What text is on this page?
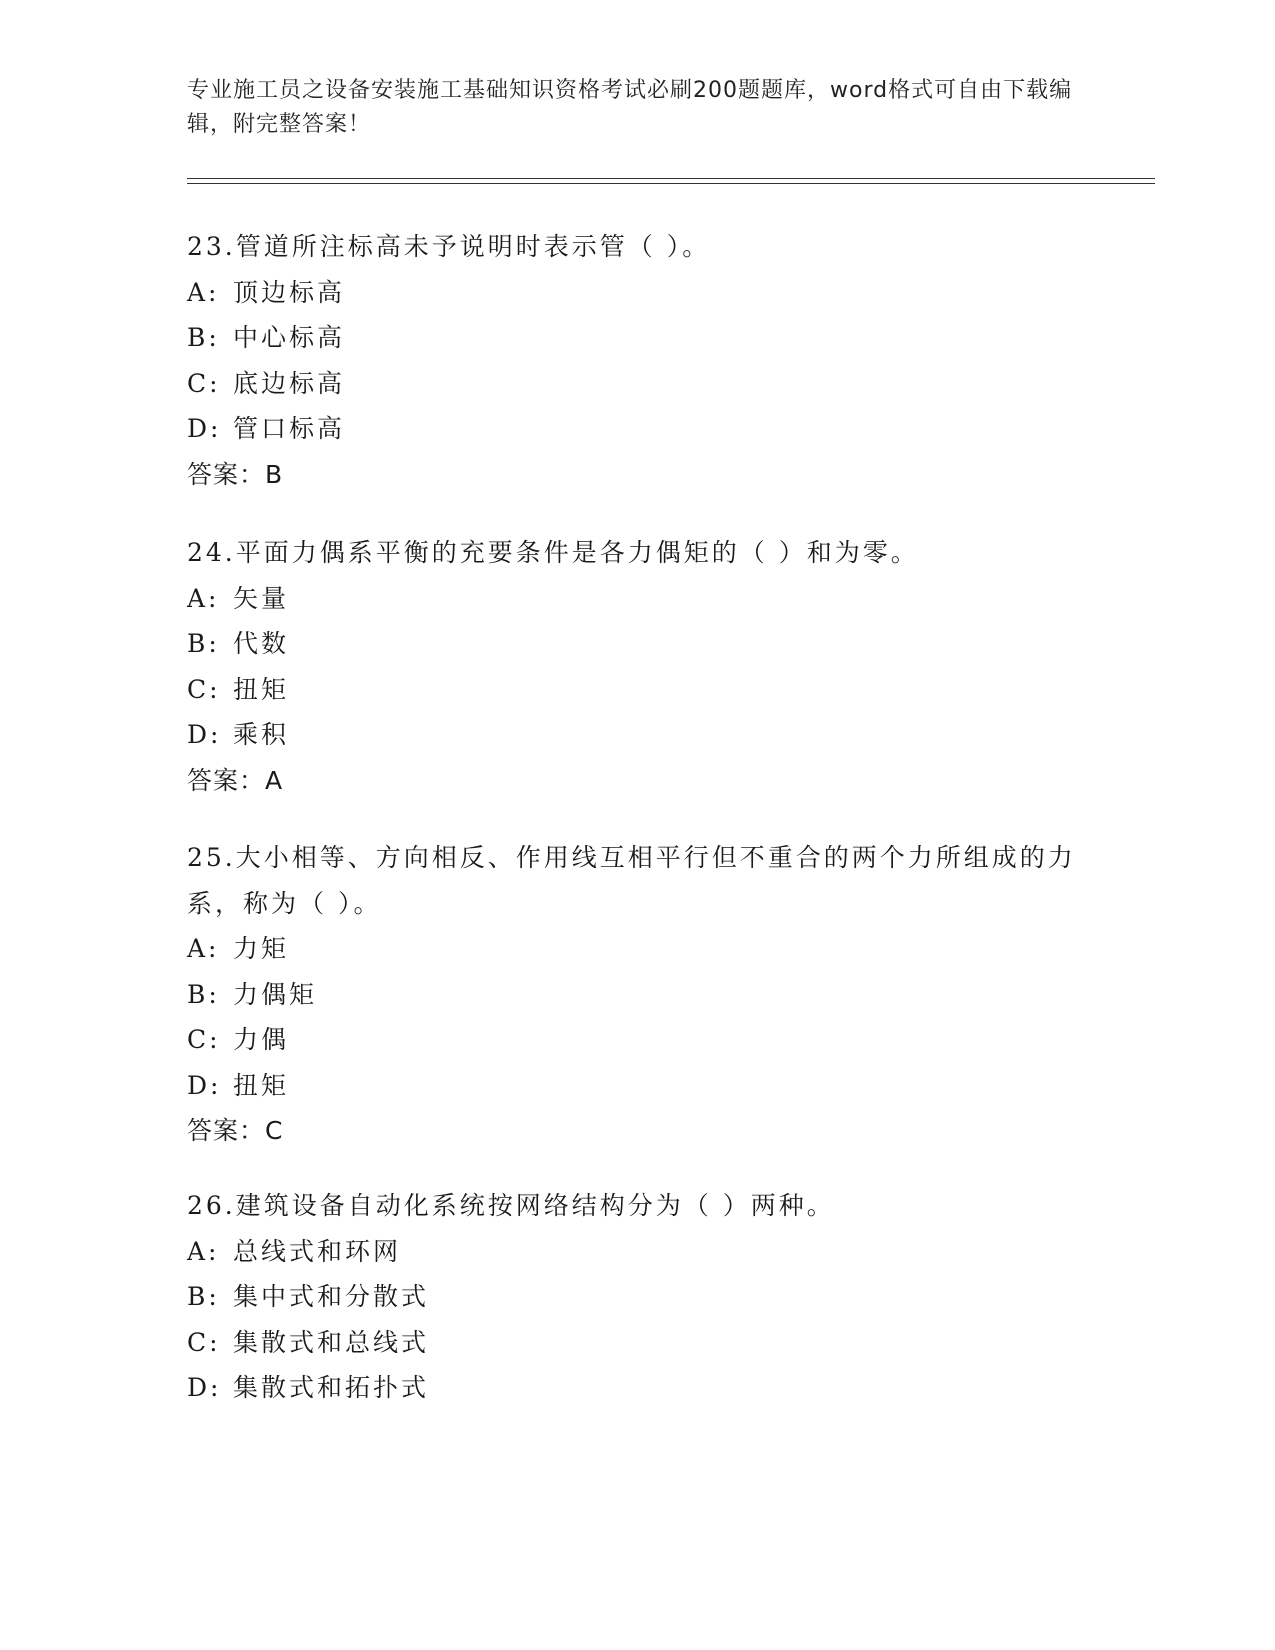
专业施工员之设备安装施工基础知识资格考试必刷200题题库，word格式可自由下载编辑，附完整答案！
23.管道所注标高未予说明时表示管（ ）。
A: 顶边标高
B: 中心标高
C: 底边标高
D: 管口标高
答案：B
24.平面力偶系平衡的充要条件是各力偶矩的（ ）和为零。
A: 矢量
B: 代数
C: 扭矩
D: 乘积
答案：A
25.大小相等、方向相反、作用线互相平行但不重合的两个力所组成的力系，称为（ ）。
A: 力矩
B: 力偶矩
C: 力偶
D: 扭矩
答案：C
26.建筑设备自动化系统按网络结构分为（ ）两种。
A: 总线式和环网
B: 集中式和分散式
C: 集散式和总线式
D: 集散式和拓扑式
